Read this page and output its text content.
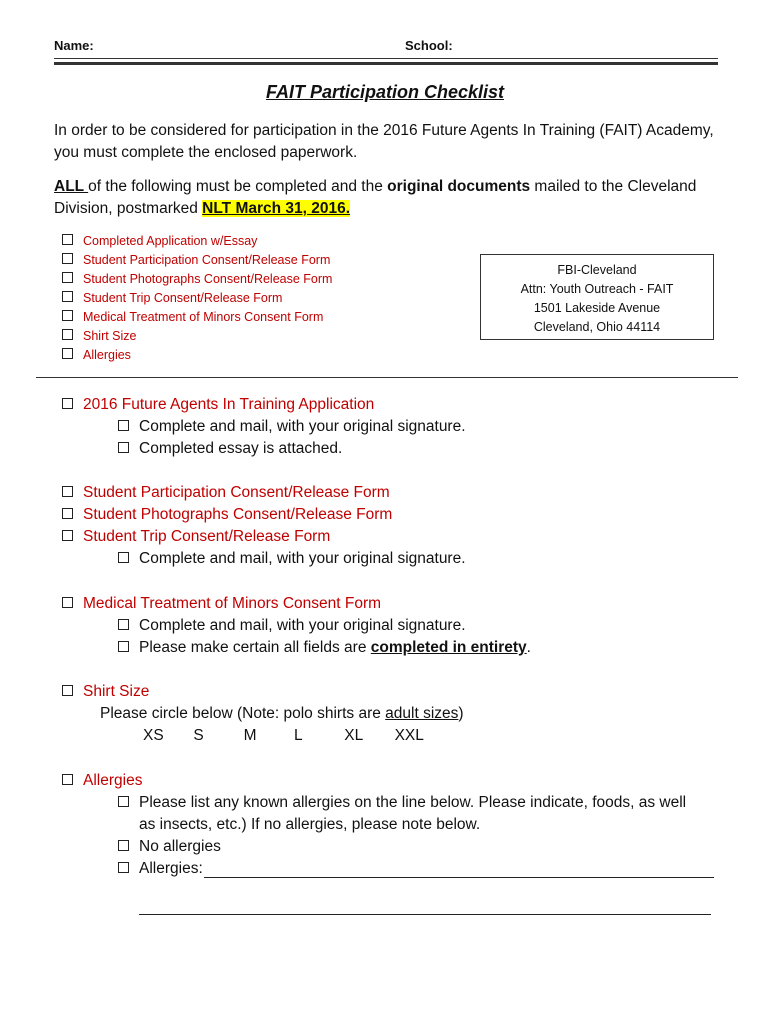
Name:	School:
FAIT Participation Checklist
In order to be considered for participation in the 2016 Future Agents In Training (FAIT) Academy, you must complete the enclosed paperwork.
ALL of the following must be completed and the original documents mailed to the Cleveland Division, postmarked NLT March 31, 2016.
Completed Application w/Essay
Student Participation Consent/Release Form
Student Photographs Consent/Release Form
Student Trip Consent/Release Form
Medical Treatment of Minors Consent Form
Shirt Size
Allergies
FBI-Cleveland
Attn: Youth Outreach - FAIT
1501 Lakeside Avenue
Cleveland, Ohio 44114
2016 Future Agents In Training Application
Complete and mail, with your original signature.
Completed essay is attached.
Student Participation Consent/Release Form
Student Photographs Consent/Release Form
Student Trip Consent/Release Form
Complete and mail, with your original signature.
Medical Treatment of Minors Consent Form
Complete and mail, with your original signature.
Please make certain all fields are completed in entirety.
Shirt Size
Please circle below (Note: polo shirts are adult sizes)
XS S	M L	XL XXL
Allergies
Please list any known allergies on the line below. Please indicate, foods, as well
as insects, etc.) If no allergies, please note below.
No allergies
Allergies:
